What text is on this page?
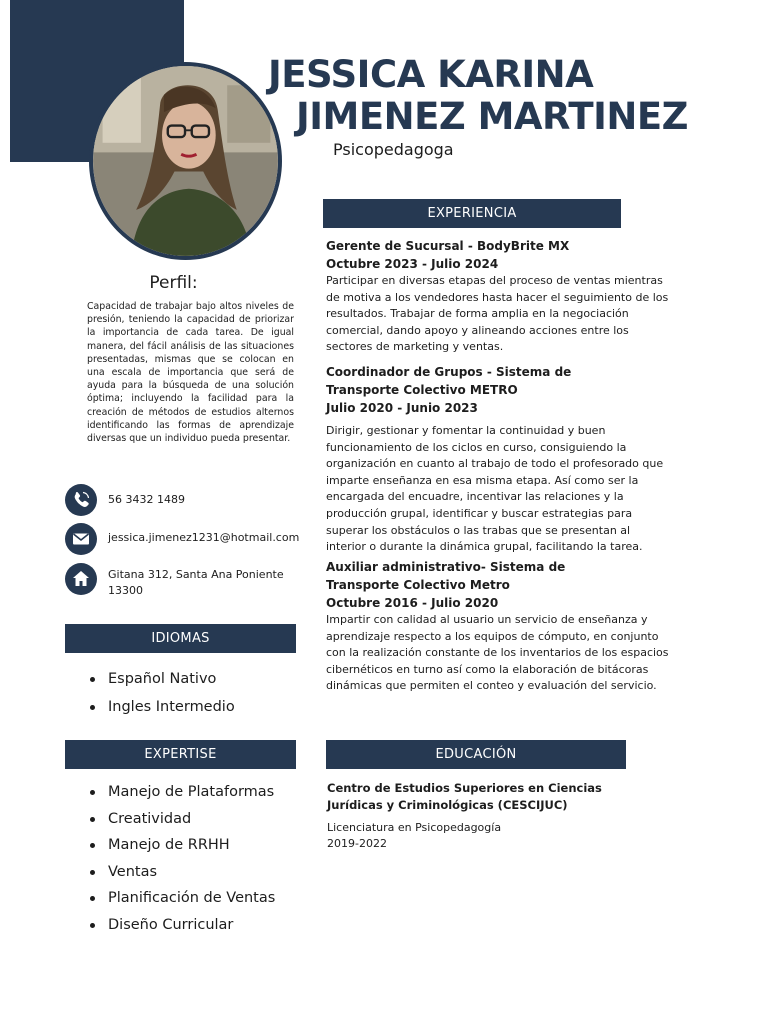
JESSICA KARINA
JIMENEZ MARTINEZ
Psicopedagoga
Perfil:
Capacidad de trabajar bajo altos niveles de presión, teniendo la capacidad de priorizar la importancia de cada tarea. De igual manera, del fácil análisis de las situaciones presentadas, mismas que se colocan en una escala de importancia que será de ayuda para la búsqueda de una solución óptima; incluyendo la facilidad para la creación de métodos de estudios alternos identificando las formas de aprendizaje diversas que un individuo pueda presentar.
56 3432 1489
jessica.jimenez1231@hotmail.com
Gitana 312, Santa Ana Poniente
13300
IDIOMAS
Español Nativo
Ingles Intermedio
EXPERTISE
Manejo de Plataformas
Creatividad
Manejo de RRHH
Ventas
Planificación de Ventas
Diseño Curricular
EXPERIENCIA
Gerente de Sucursal - BodyBrite MX
Octubre 2023 - Julio 2024
Participar en diversas etapas del proceso de ventas mientras de motiva a los vendedores hasta hacer el seguimiento de los resultados. Trabajar de forma amplia en la negociación comercial, dando apoyo y alineando acciones entre los sectores de marketing y ventas.
Coordinador de Grupos - Sistema de
Transporte Colectivo METRO
Julio 2020 - Junio 2023
Dirigir, gestionar y fomentar la continuidad y buen funcionamiento de los ciclos en curso, consiguiendo la organización en cuanto al trabajo de todo el profesorado que imparte enseñanza en esa misma etapa. Así como ser la encargada del encuadre, incentivar las relaciones y la producción grupal, identificar y buscar estrategias para superar los obstáculos o las trabas que se presentan al interior o durante la dinámica grupal, facilitando la tarea.
Auxiliar administrativo- Sistema de
Transporte Colectivo Metro
Octubre 2016 - Julio 2020
Impartir con calidad al usuario un servicio de enseñanza y aprendizaje respecto a los equipos de cómputo, en conjunto con la realización constante de los inventarios de los espacios cibernéticos en turno así como la elaboración de bitácoras dinámicas que permiten el conteo y evaluación del servicio.
EDUCACIÓN
Centro de Estudios Superiores en Ciencias
Jurídicas y Criminológicas (CESCIJUC)
Licenciatura en Psicopedagogía
2019-2022
